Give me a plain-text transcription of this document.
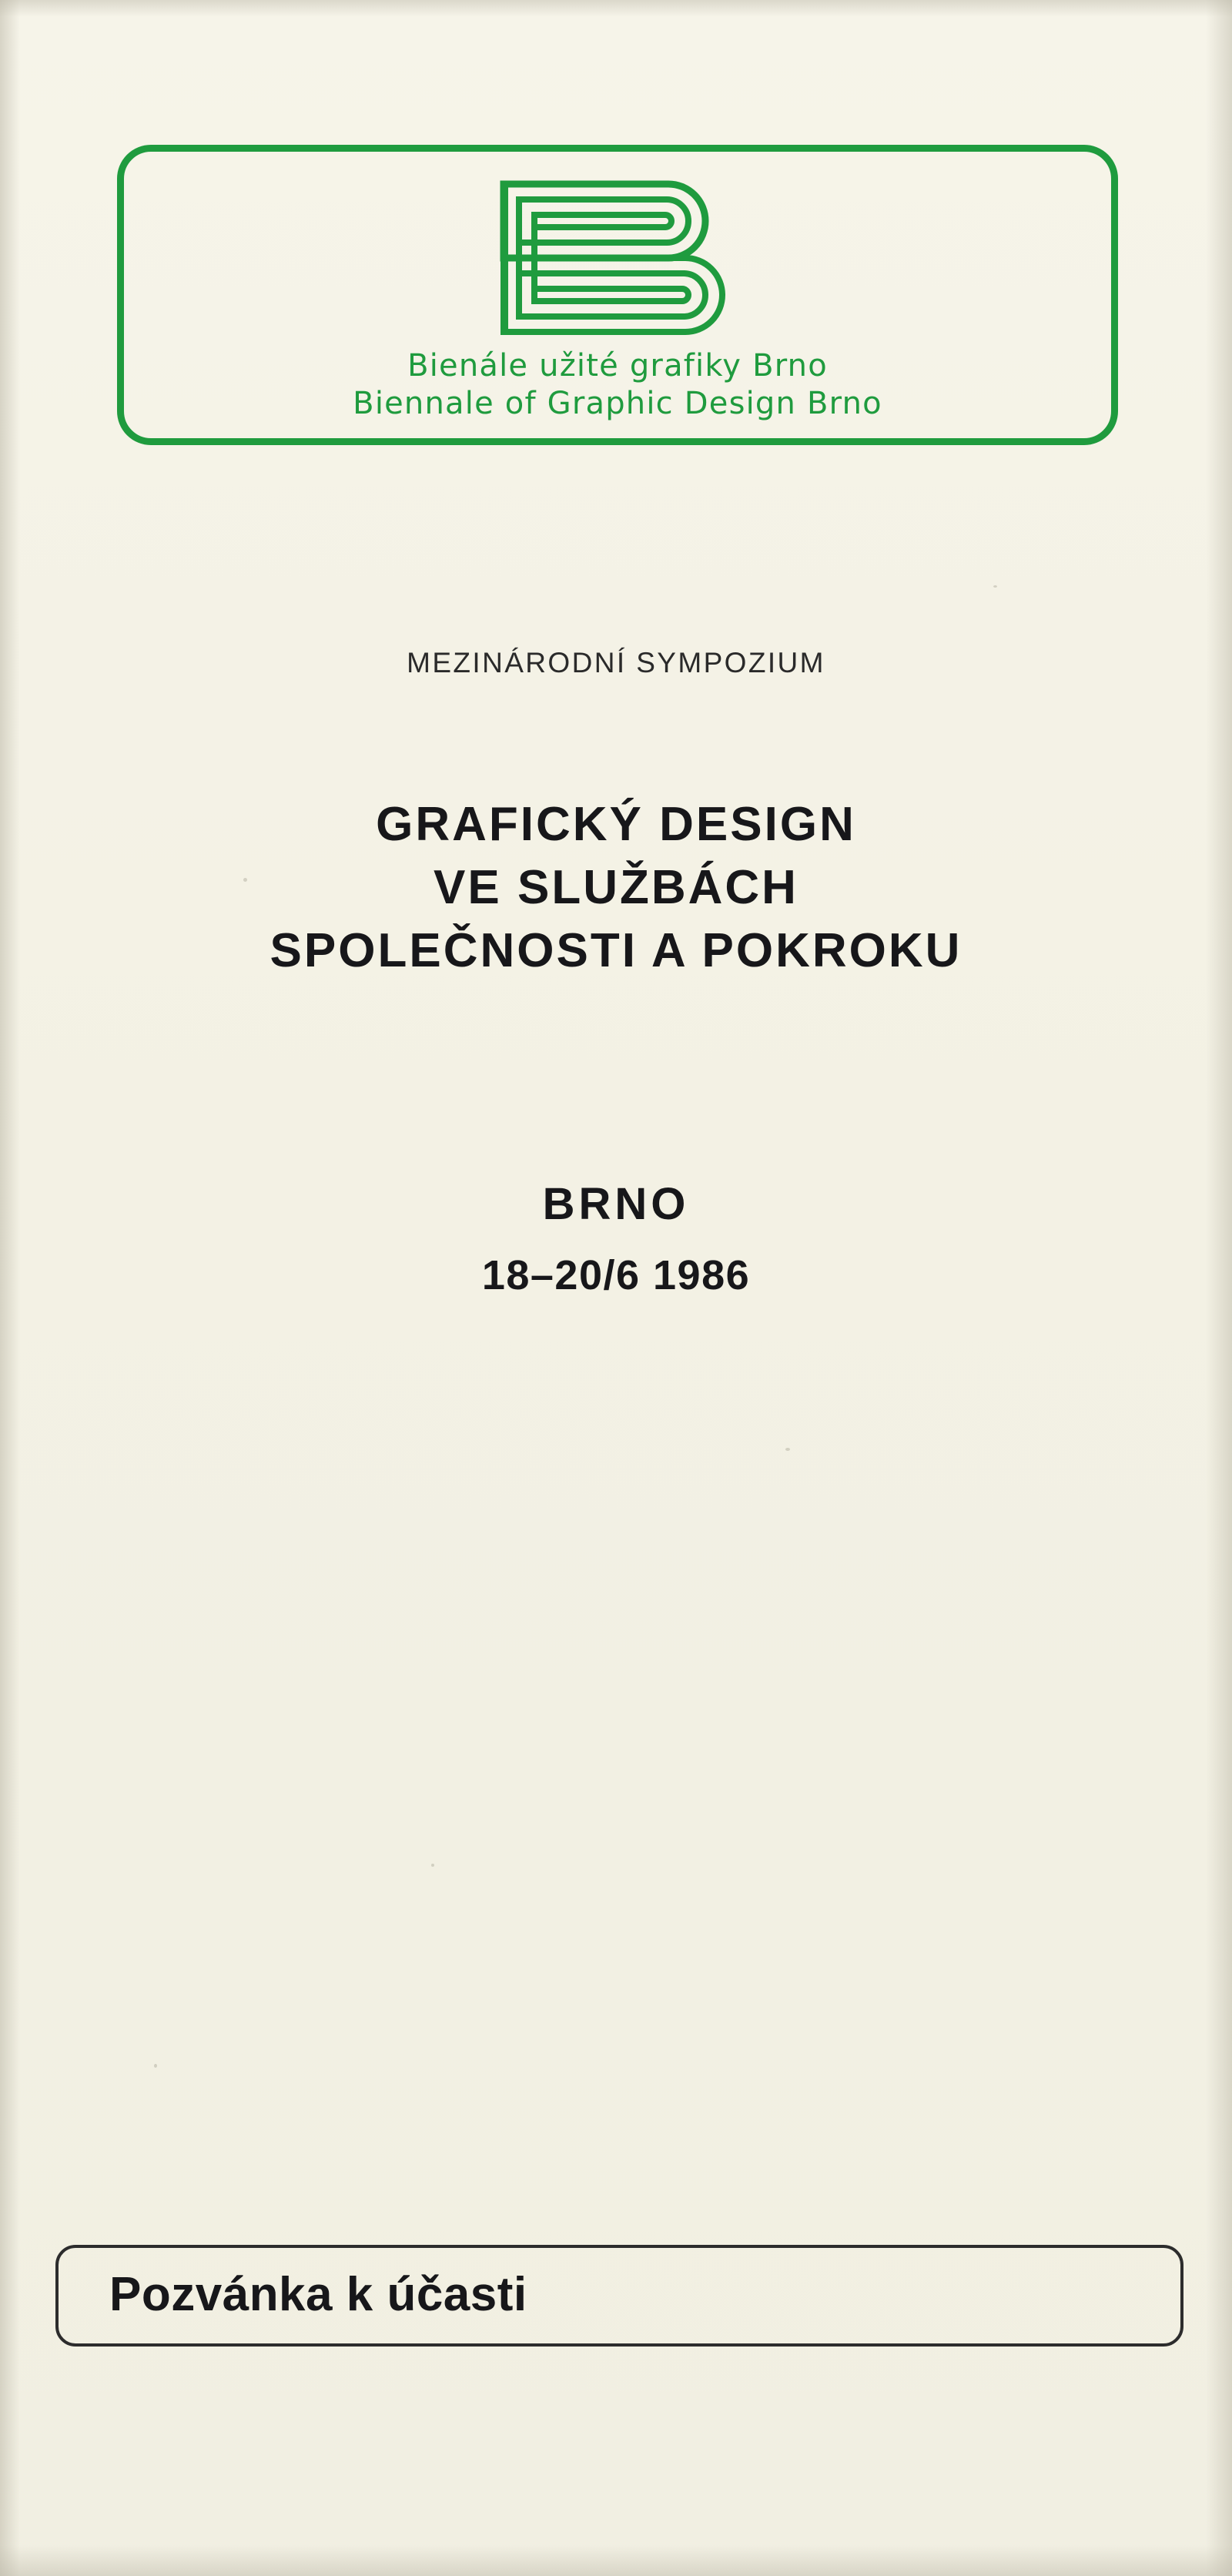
Bienále užité grafiky Brno
Biennale of Graphic Design Brno
MEZINÁRODNÍ SYMPOZIUM
GRAFICKÝ DESIGN
VE SLUŽBÁCH
SPOLEČNOSTI A POKROKU
BRNO
18–20/6 1986
Pozvánka k účasti
